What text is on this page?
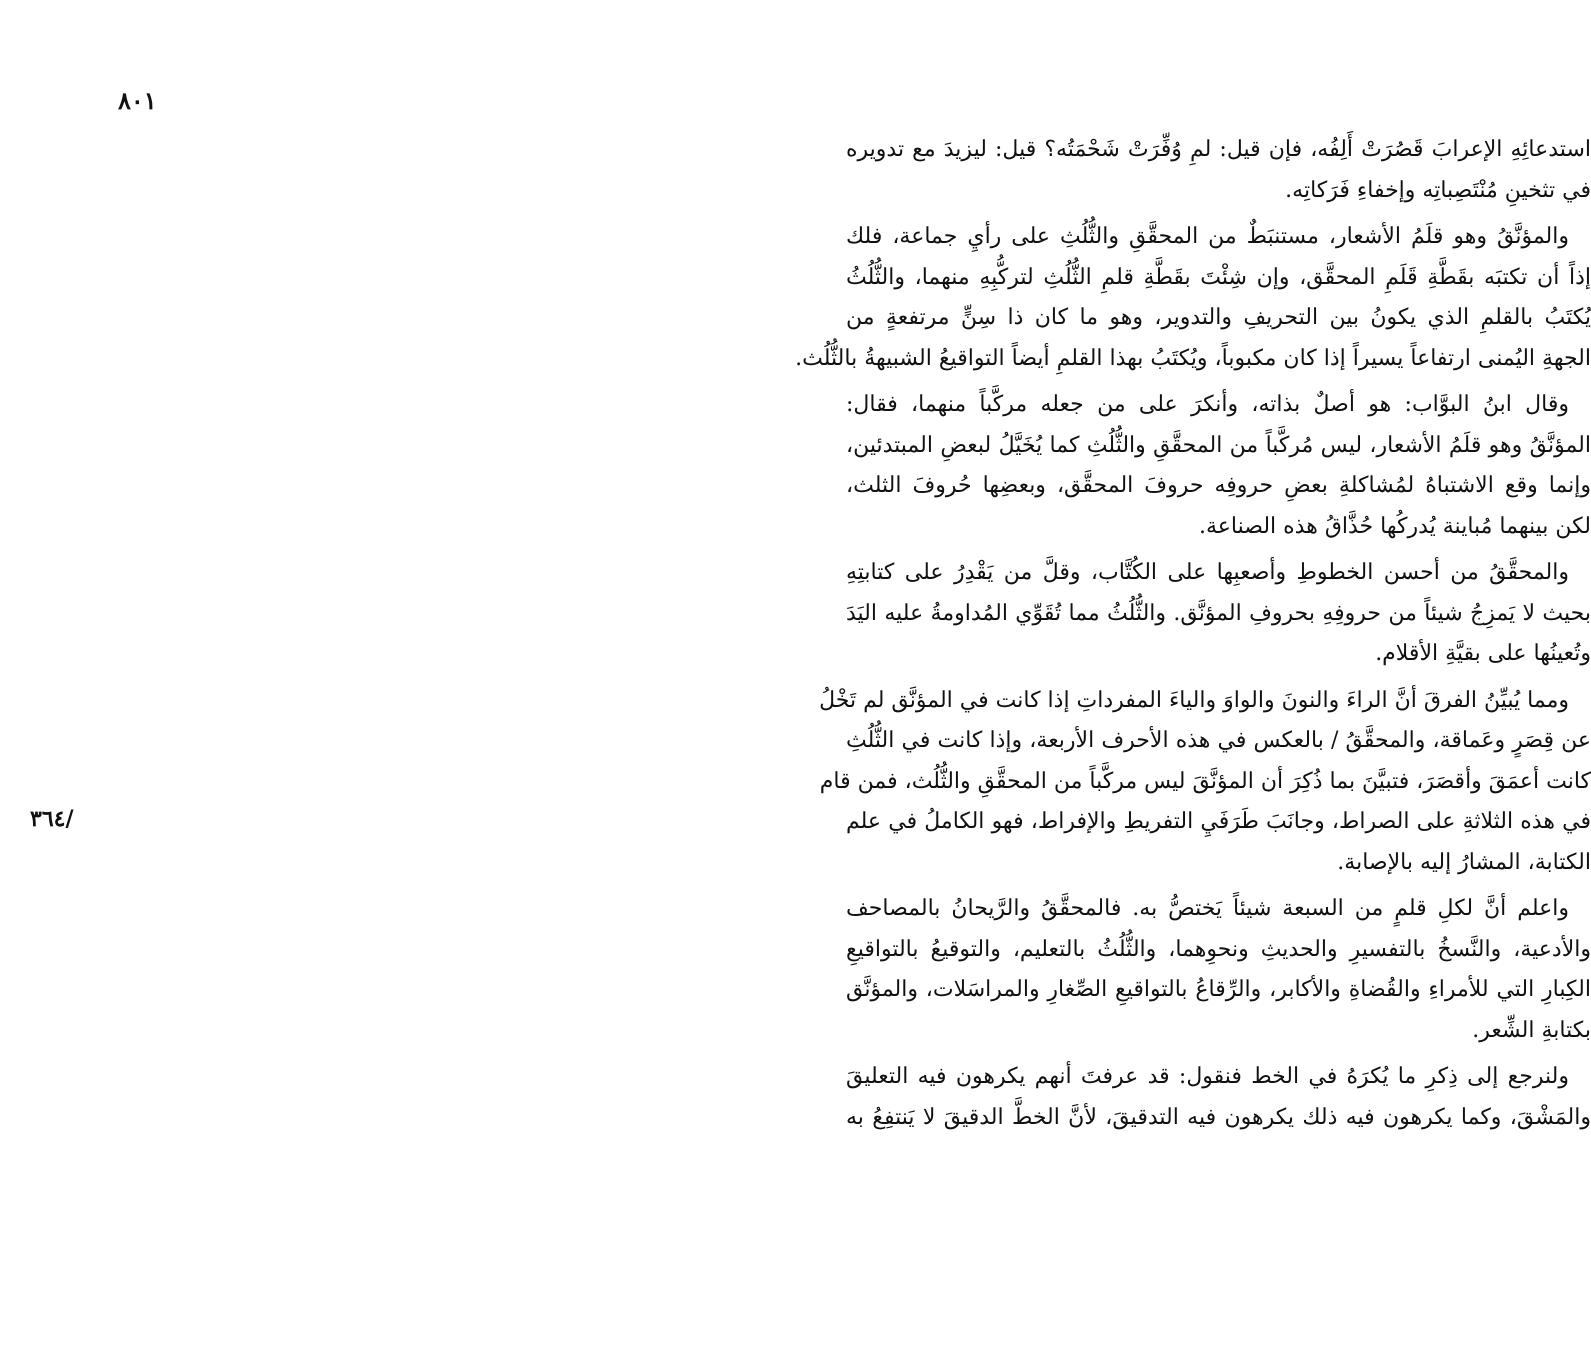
٨٠١
/٣٦٤
استدعائِهِ الإعرابَ قَصُرَتْ أَلِفُه، فإن قيل: لمِ وُفِّرَتْ شَحْمَتُه؟ قيل: ليزيدَ مع تدويره
في تثخينِ مُنْتَصِباتِه وإخفاءِ فَرَكاتِه.
والمؤنَّقُ وهو قلَمُ الأشعار، مستنبَطٌ من المحقَّقِ والثُّلُثِ على رأيِ جماعة، فلك
إذاً أن تكتبَه بقَطَّةِ قَلَمِ المحقَّق، وإن شِئْتَ بقَطَّةِ قلمِ الثُّلُثِ لتركُّبِهِ منهما، والثُّلُثُ
يُكتَبُ بالقلمِ الذي يكونُ بين التحريفِ والتدوير، وهو ما كان ذا سِنٍّ مرتفعةٍ من
الجهةِ اليُمنى ارتفاعاً يسيراً إذا كان مكبوباً، ويُكتَبُ بهذا القلمِ أيضاً التواقيعُ الشبيهةُ بالثُّلُث.
وقال ابنُ البوَّاب: هو أصلٌ بذاته، وأنكرَ على من جعله مركَّباً منهما، فقال:
المؤنَّقُ وهو قلَمُ الأشعار، ليس مُركَّباً من المحقَّقِ والثُّلُثِ كما يُخَيَّلُ لبعضِ المبتدئين،
وإنما وقع الاشتباهُ لمُشاكلةِ بعضِ حروفِه حروفَ المحقَّق، وبعضِها حُروفَ الثلث،
لكن بينهما مُباينة يُدركُها حُذَّاقُ هذه الصناعة.
والمحقَّقُ من أحسن الخطوطِ وأصعبِها على الكُتَّاب، وقلَّ من يَقْدِرُ على كتابتِهِ
بحيث لا يَمزِجُ شيئاً من حروفِهِ بحروفِ المؤنَّق. والثُّلُثُ مما تُقَوِّي المُداومةُ عليه اليَدَ
وتُعينُها على بقيَّةِ الأقلام.
ومما يُبيِّنُ الفرقَ أنَّ الراءَ والنونَ والواوَ والياءَ المفرداتِ إذا كانت في المؤنَّق لم تَخْلُ
عن قِصَرٍ وعَماقة، والمحقَّقُ / بالعكس في هذه الأحرف الأربعة، وإذا كانت في الثُّلُثِ
كانت أعمَقَ وأقصَرَ، فتبيَّنَ بما ذُكِرَ أن المؤنَّقَ ليس مركَّباً من المحقَّقِ والثُّلُث، فمن قام
في هذه الثلاثةِ على الصراط، وجانَبَ طَرَفَيِ التفريطِ والإفراط، فهو الكاملُ في علم
الكتابة، المشارُ إليه بالإصابة.
واعلم أنَّ لكلِ قلمٍ من السبعة شيئاً يَختصُّ به. فالمحقَّقُ والرَّيحانُ بالمصاحف
والأدعية، والنَّسخُ بالتفسيرِ والحديثِ ونحوِهما، والثُّلُثُ بالتعليم، والتوقيعُ بالتواقيعِ
الكِبارِ التي للأمراءِ والقُضاةِ والأكابر، والرِّقاعُ بالتواقيعِ الصِّغارِ والمراسَلات، والمؤنَّق
بكتابةِ الشِّعر.
ولنرجع إلى ذِكرِ ما يُكرَهُ في الخط فنقول: قد عرفتَ أنهم يكرهون فيه التعليقَ
والمَشْقَ، وكما يكرهون فيه ذلك يكرهون فيه التدقيقَ، لأنَّ الخطَّ الدقيقَ لا يَنتفِعُ به
